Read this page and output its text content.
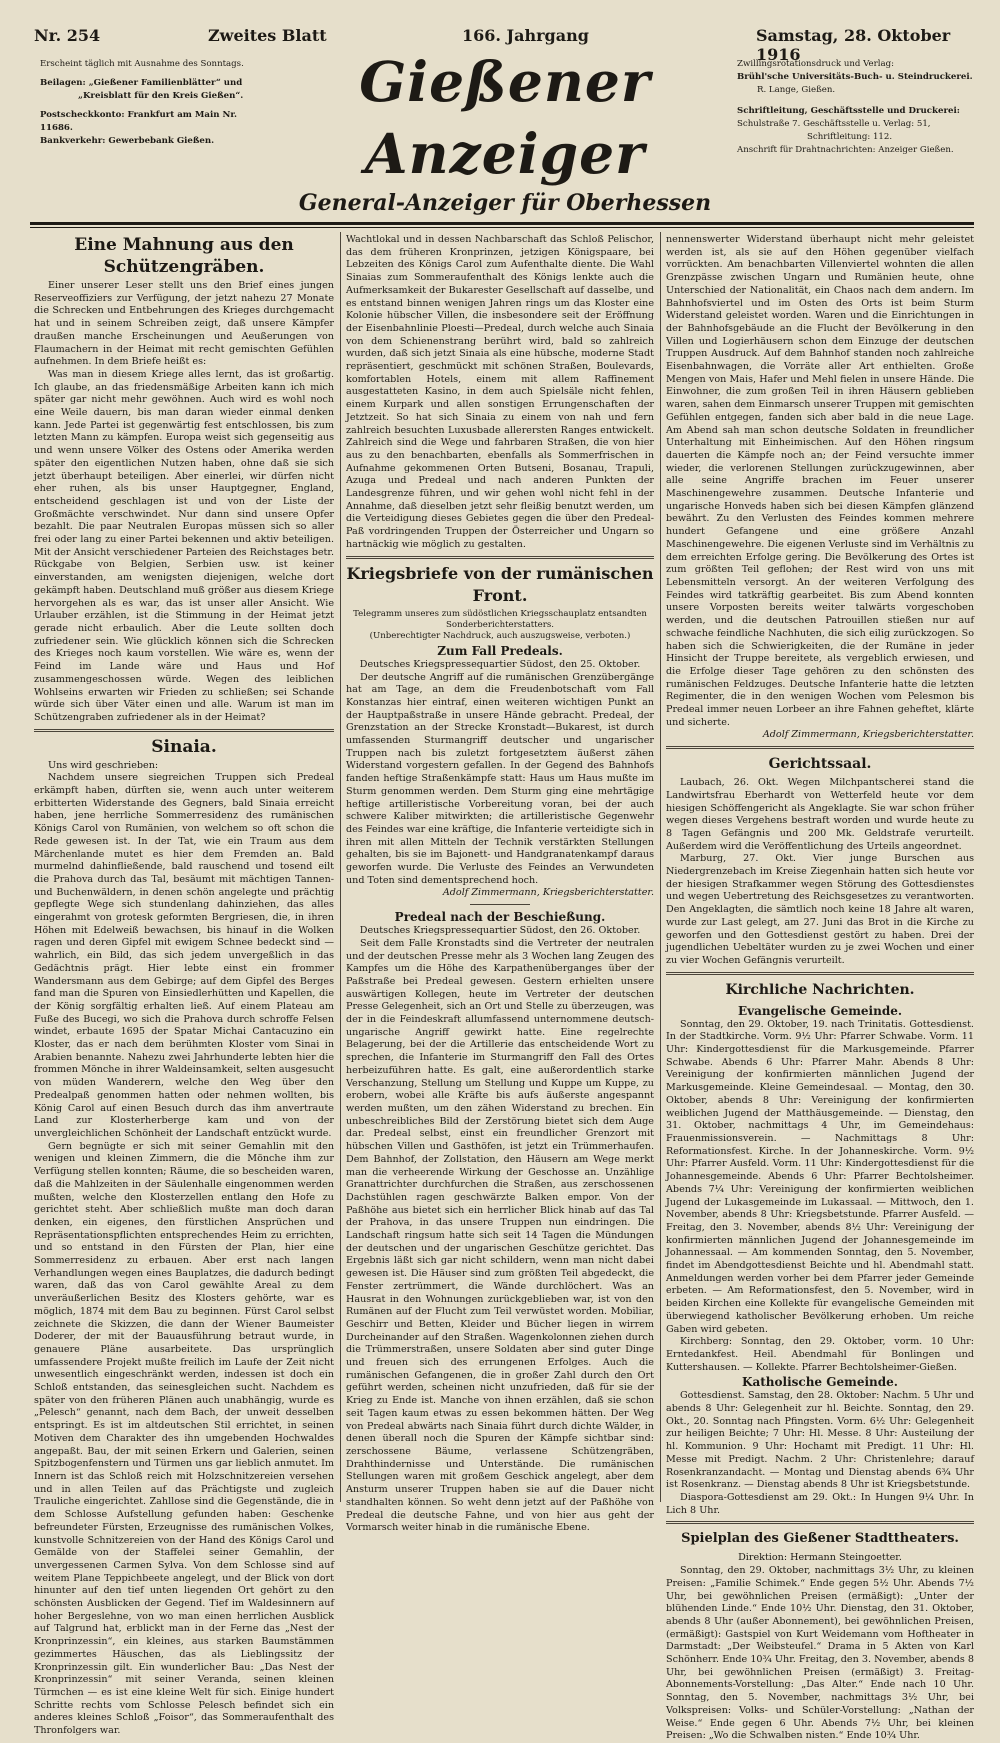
Nr. 254	Zweites Blatt	166. Jahrgang	Samstag, 28. Oktober 1916
Erscheint täglich mit Ausnahme des Sonntags.
Beilagen: „Gießener Familienblätter“ und
„Kreisblatt für den Kreis Gießen“.
Postscheckkonto: Frankfurt am Main Nr. 11686.
Bankverkehr: Gewerbebank Gießen.
Gießener Anzeiger
General-Anzeiger für Oberhessen
Zwillingsrotationsdruck und Verlag:
Brühl'sche Universitäts-Buch- u. Steindruckerei.
R. Lange, Gießen.
Schriftleitung, Geschäftsstelle und Druckerei:
Schulstraße 7. Geschäftsstelle u. Verlag: 51,
Schriftleitung: 112.
Anschrift für Drahtnachrichten: Anzeiger Gießen.
Eine Mahnung aus den Schützengräben.

Einer unserer Leser stellt uns den Brief eines jungen Reserveoffiziers zur Verfügung, der jetzt nahezu 27 Monate die Schrecken und Entbehrungen des Krieges durchgemacht hat und in seinem Schreiben zeigt, daß unsere Kämpfer draußen manche Erscheinungen und Aeußerungen von Flaumachern in der Heimat mit recht gemischten Gefühlen aufnehmen. In dem Briefe heißt es:

Was man in diesem Kriege alles lernt, das ist großartig. Ich glaube, an das friedensmäßige Arbeiten kann ich mich später gar nicht mehr gewöhnen. Auch wird es wohl noch eine Weile dauern, bis man daran wieder einmal denken kann. Jede Partei ist gegenwärtig fest entschlossen, bis zum letzten Mann zu kämpfen. Europa weist sich gegenseitig aus und wenn unsere Völker des Ostens oder Amerika werden später den eigentlichen Nutzen haben, ohne daß sie sich jetzt überhaupt beteiligen. Aber einerlei, wir dürfen nicht eher ruhen, als bis unser Hauptgegner, England, entscheidend geschlagen ist und von der Liste der Großmächte verschwindet. Nur dann sind unsere Opfer bezahlt. Die paar Neutralen Europas müssen sich so aller frei oder lang zu einer Partei bekennen und aktiv beteiligen. Mit der Ansicht verschiedener Parteien des Reichstages betr. Rückgabe von Belgien, Serbien usw. ist keiner einverstanden, am wenigsten diejenigen, welche dort gekämpft haben. Deutschland muß größer aus diesem Kriege hervorgehen als es war, das ist unser aller Ansicht. Wie Urlauber erzählen, ist die Stimmung in der Heimat jetzt gerade nicht erbaulich. Aber die Leute sollten doch zufriedener sein. Wie glücklich können sich die Schrecken des Krieges noch kaum vorstellen. Wie wäre es, wenn der Feind im Lande wäre und Haus und Hof zusammengeschossen würde. Wegen des leiblichen Wohlseins erwarten wir Frieden zu schließen; sei Schande würde sich über Väter einen und alle. Warum ist man im Schützengraben zufriedener als in der Heimat?

Sinaia.

Uns wird geschrieben:

Nachdem unsere siegreichen Truppen sich Predeal erkämpft haben, dürften sie, wenn auch unter weiterem erbitterten Widerstande des Gegners, bald Sinaia erreicht haben, jene herrliche Sommerresidenz des rumänischen Königs Carol von Rumänien, von welchem so oft schon die Rede gewesen ist. In der Tat, wie ein Traum aus dem Märchenlande mutet es hier dem Fremden an. Bald murmelnd dahinfließende, bald rauschend und tosend eilt die Prahova durch das Tal, besäumt mit mächtigen Tannen- und Buchenwäldern, in denen schön angelegte und prächtig gepflegte Wege sich stundenlang dahinziehen, das alles eingerahmt von grotesk geformten Bergriesen, die, in ihren Höhen mit Edelweiß bewachsen, bis hinauf in die Wolken ragen und deren Gipfel mit ewigem Schnee bedeckt sind — wahrlich, ein Bild, das sich jedem unvergeßlich in das Gedächtnis prägt. Hier lebte einst ein frommer Wandersmann aus dem Gebirge; auf dem Gipfel des Berges fand man die Spuren von Einsiedlerhütten und Kapellen, die der König sorgfältig erhalten ließ. Auf einem Plateau am Fuße des Bucegi, wo sich die Prahova durch schroffe Felsen windet, erbaute 1695 der Spatar Michai Cantacuzino ein Kloster, das er nach dem berühmten Kloster vom Sinai in Arabien benannte. Nahezu zwei Jahrhunderte lebten hier die frommen Mönche in ihrer Waldeinsamkeit, selten ausgesucht von müden Wanderern, welche den Weg über den Predealpaß genommen hatten oder nehmen wollten, bis König Carol auf einen Besuch durch das ihm anvertraute Land zur Klosterherberge kam und von der unvergleichlichen Schönheit der Landschaft entzückt wurde.

Gern begnügte er sich mit seiner Gemahlin mit den wenigen und kleinen Zimmern, die die Mönche ihm zur Verfügung stellen konnten; Räume, die so bescheiden waren, daß die Mahlzeiten in der Säulenhalle eingenommen werden mußten, welche den Klosterzellen entlang den Hofe zu gerichtet steht. Aber schließlich mußte man doch daran denken, ein eigenes, den fürstlichen Ansprüchen und Repräsentationspflichten entsprechendes Heim zu errichten, und so entstand in den Fürsten der Plan, hier eine Sommerresidenz zu erbauen. Aber erst nach langen Verhandlungen wegen eines Bauplatzes, die dadurch bedingt waren, daß das von Carol gewählte Areal zu dem unveräußerlichen Besitz des Klosters gehörte, war es möglich, 1874 mit dem Bau zu beginnen. Fürst Carol selbst zeichnete die Skizzen, die dann der Wiener Baumeister Doderer, der mit der Bauausführung betraut wurde, in genauere Pläne ausarbeitete. Das ursprünglich umfassendere Projekt mußte freilich im Laufe der Zeit nicht unwesentlich eingeschränkt werden, indessen ist doch ein Schloß entstanden, das seinesgleichen sucht. Nachdem es später von den früheren Plänen auch unabhängig, wurde es „Pelesch“ genannt, nach dem Bach, der unweit desselben entspringt. Es ist im altdeutschen Stil errichtet, in seinen Motiven dem Charakter des ihn umgebenden Hochwaldes angepaßt. Bau, der mit seinen Erkern und Galerien, seinen Spitzbogenfenstern und Türmen uns gar lieblich anmutet. Im Innern ist das Schloß reich mit Holzschnitzereien versehen und in allen Teilen auf das Prächtigste und zugleich Trauliche eingerichtet. Zahllose sind die Gegenstände, die in dem Schlosse Aufstellung gefunden haben: Geschenke befreundeter Fürsten, Erzeugnisse des rumänischen Volkes, kunstvolle Schnitzereien von der Hand des Königs Carol und Gemälde von der Staffelei seiner Gemahlin, der unvergessenen Carmen Sylva. Von dem Schlosse sind auf weitem Plane Teppichbeete angelegt, und der Blick von dort hinunter auf den tief unten liegenden Ort gehört zu den schönsten Ausblicken der Gegend. Tief im Waldesinnern auf hoher Bergeslehne, von wo man einen herrlichen Ausblick auf Talgrund hat, erblickt man in der Ferne das „Nest der Kronprinzessin“, ein kleines, aus starken Baumstämmen gezimmertes Häuschen, das als Lieblingssitz der Kronprinzessin gilt. Ein wunderlicher Bau: „Das Nest der Kronprinzessin“ mit seiner Veranda, seinen kleinen Türmchen — es ist eine kleine Welt für sich. Einige hundert Schritte rechts vom Schlosse Pelesch befindet sich ein anderes kleines Schloß „Foisor“, das Sommeraufenthalt des Thronfolgers war.

Wachtlokal und in dessen Nachbarschaft das Schloß Pelischor, das dem früheren Kronprinzen, jetzigen Königspaare, bei Lebzeiten des Königs Carol zum Aufenthalte diente. Die Wahl Sinaias zum Sommeraufenthalt des Königs lenkte auch die Aufmerksamkeit der Bukarester Gesellschaft auf dasselbe, und es entstand binnen wenigen Jahren rings um das Kloster eine Kolonie hübscher Villen, die insbesondere seit der Eröffnung der Eisenbahnlinie Ploesti—Predeal, durch welche auch Sinaia von dem Schienenstrang berührt wird, bald so zahlreich wurden, daß sich jetzt Sinaia als eine hübsche, moderne Stadt repräsentiert, geschmückt mit schönen Straßen, Boulevards, komfortablen Hotels, einem mit allem Raffinement ausgestatteten Kasino, in dem auch Spielsäle nicht fehlen, einem Kurpark und allen sonstigen Errungenschaften der Jetztzeit. So hat sich Sinaia zu einem von nah und fern zahlreich besuchten Luxusbade allerersten Ranges entwickelt. Zahlreich sind die Wege und fahrbaren Straßen, die von hier aus zu den benachbarten, ebenfalls als Sommerfrischen in Aufnahme gekommenen Orten Butseni, Bosanau, Trapuli, Azuga und Predeal und nach anderen Punkten der Landesgrenze führen, und wir gehen wohl nicht fehl in der Annahme, daß dieselben jetzt sehr fleißig benutzt werden, um die Verteidigung dieses Gebietes gegen die über den Predeal-Paß vordringenden Truppen der Österreicher und Ungarn so hartnäckig wie möglich zu gestalten.

Kriegsbriefe von der rumänischen Front.

Telegramm unseres zum südöstlichen Kriegsschauplatz entsandten Sonderberichterstatters.

(Unberechtigter Nachdruck, auch auszugsweise, verboten.)

Zum Fall Predeals.

Deutsches Kriegspressequartier Südost, den 25. Oktober.

Der deutsche Angriff auf die rumänischen Grenzübergänge hat am Tage, an dem die Freudenbotschaft vom Fall Konstanzas hier eintraf, einen weiteren wichtigen Punkt an der Hauptpaßstraße in unsere Hände gebracht. Predeal, der Grenzstation an der Strecke Kronstadt—Bukarest, ist durch umfassenden Sturmangriff deutscher und ungarischer Truppen nach bis zuletzt fortgesetztem äußerst zähen Widerstand vorgestern gefallen. In der Gegend des Bahnhofs fanden heftige Straßenkämpfe statt: Haus um Haus mußte im Sturm genommen werden. Dem Sturm ging eine mehrtägige heftige artilleristische Vorbereitung voran, bei der auch schwere Kaliber mitwirkten; die artilleristische Gegenwehr des Feindes war eine kräftige, die Infanterie verteidigte sich in ihren mit allen Mitteln der Technik verstärkten Stellungen gehalten, bis sie im Bajonett- und Handgranatenkampf daraus geworfen wurde. Die Verluste des Feindes an Verwundeten und Toten sind dementsprechend hoch.

Adolf Zimmermann, Kriegsberichterstatter.

Predeal nach der Beschießung.

Deutsches Kriegspressequartier Südost, den 26. Oktober.

Seit dem Falle Kronstadts sind die Vertreter der neutralen und der deutschen Presse mehr als 3 Wochen lang Zeugen des Kampfes um die Höhe des Karpathenüberganges über der Paßstraße bei Predeal gewesen. Gestern erhielten unsere auswärtigen Kollegen, heute im Vertreter der deutschen Presse Gelegenheit, sich an Ort und Stelle zu überzeugen, was der in die Feindeskraft allumfassend unternommene deutsch-ungarische Angriff gewirkt hatte. Eine regelrechte Belagerung, bei der die Artillerie das entscheidende Wort zu sprechen, die Infanterie im Sturmangriff den Fall des Ortes herbeizuführen hatte. Es galt, eine außerordentlich starke Verschanzung, Stellung um Stellung und Kuppe um Kuppe, zu erobern, wobei alle Kräfte bis aufs äußerste angespannt werden mußten, um den zähen Widerstand zu brechen. Ein unbeschreibliches Bild der Zerstörung bietet sich dem Auge dar. Predeal selbst, einst ein freundlicher Grenzort mit hübschen Villen und Gasthöfen, ist jetzt ein Trümmerhaufen. Dem Bahnhof, der Zollstation, den Häusern am Wege merkt man die verheerende Wirkung der Geschosse an. Unzählige Granattrichter durchfurchen die Straßen, aus zerschossenen Dachstühlen ragen geschwärzte Balken empor. Von der Paßhöhe aus bietet sich ein herrlicher Blick hinab auf das Tal der Prahova, in das unsere Truppen nun eindringen. Die Landschaft ringsum hatte sich seit 14 Tagen die Mündungen der deutschen und der ungarischen Geschütze gerichtet. Das Ergebnis läßt sich gar nicht schildern, wenn man nicht dabei gewesen ist. Die Häuser sind zum größten Teil abgedeckt, die Fenster zertrümmert, die Wände durchlöchert. Was an Hausrat in den Wohnungen zurückgeblieben war, ist von den Rumänen auf der Flucht zum Teil verwüstet worden. Mobiliar, Geschirr und Betten, Kleider und Bücher liegen in wirrem Durcheinander auf den Straßen. Wagenkolonnen ziehen durch die Trümmerstraßen, unsere Soldaten aber sind guter Dinge und freuen sich des errungenen Erfolges. Auch die rumänischen Gefangenen, die in großer Zahl durch den Ort geführt werden, scheinen nicht unzufrieden, daß für sie der Krieg zu Ende ist. Manche von ihnen erzählen, daß sie schon seit Tagen kaum etwas zu essen bekommen hätten. Der Weg von Predeal abwärts nach Sinaia führt durch dichte Wälder, in denen überall noch die Spuren der Kämpfe sichtbar sind: zerschossene Bäume, verlassene Schützengräben, Drahthindernisse und Unterstände. Die rumänischen Stellungen waren mit großem Geschick angelegt, aber dem Ansturm unserer Truppen haben sie auf die Dauer nicht standhalten können. So weht denn jetzt auf der Paßhöhe von Predeal die deutsche Fahne, und von hier aus geht der Vormarsch weiter hinab in die rumänische Ebene.

nennenswerter Widerstand überhaupt nicht mehr geleistet werden ist, als sie auf den Höhen gegenüber vielfach vorrückten. Am benachbarten Villenviertel wohnten die allen Grenzpässe zwischen Ungarn und Rumänien heute, ohne Unterschied der Nationalität, ein Chaos nach dem andern. Im Bahnhofsviertel und im Osten des Orts ist beim Sturm Widerstand geleistet worden. Waren und die Einrichtungen in der Bahnhofsgebäude an die Flucht der Bevölkerung in den Villen und Logierhäusern schon dem Einzuge der deutschen Truppen Ausdruck. Auf dem Bahnhof standen noch zahlreiche Eisenbahnwagen, die Vorräte aller Art enthielten. Große Mengen von Mais, Hafer und Mehl fielen in unsere Hände. Die Einwohner, die zum großen Teil in ihren Häusern geblieben waren, sahen dem Einmarsch unserer Truppen mit gemischten Gefühlen entgegen, fanden sich aber bald in die neue Lage. Am Abend sah man schon deutsche Soldaten in freundlicher Unterhaltung mit Einheimischen. Auf den Höhen ringsum dauerten die Kämpfe noch an; der Feind versuchte immer wieder, die verlorenen Stellungen zurückzugewinnen, aber alle seine Angriffe brachen im Feuer unserer Maschinengewehre zusammen. Deutsche Infanterie und ungarische Honveds haben sich bei diesen Kämpfen glänzend bewährt. Zu den Verlusten des Feindes kommen mehrere hundert Gefangene und eine größere Anzahl Maschinengewehre. Die eigenen Verluste sind im Verhältnis zu dem erreichten Erfolge gering. Die Bevölkerung des Ortes ist zum größten Teil geflohen; der Rest wird von uns mit Lebensmitteln versorgt. An der weiteren Verfolgung des Feindes wird tatkräftig gearbeitet. Bis zum Abend konnten unsere Vorposten bereits weiter talwärts vorgeschoben werden, und die deutschen Patrouillen stießen nur auf schwache feindliche Nachhuten, die sich eilig zurückzogen. So haben sich die Schwierigkeiten, die der Rumäne in jeder Hinsicht der Truppe bereitete, als vergeblich erwiesen, und die Erfolge dieser Tage gehören zu den schönsten des rumänischen Feldzuges. Deutsche Infanterie hatte die letzten Regimenter, die in den wenigen Wochen vom Pelesmon bis Predeal immer neuen Lorbeer an ihre Fahnen geheftet, klärte und sicherte.

Adolf Zimmermann, Kriegsberichterstatter.

Gerichtssaal.

Laubach, 26. Okt. Wegen Milchpantscherei stand die Landwirtsfrau Eberhardt von Wetterfeld heute vor dem hiesigen Schöffengericht als Angeklagte. Sie war schon früher wegen dieses Vergehens bestraft worden und wurde heute zu 8 Tagen Gefängnis und 200 Mk. Geldstrafe verurteilt. Außerdem wird die Veröffentlichung des Urteils angeordnet.

Marburg, 27. Okt. Vier junge Burschen aus Niedergrenzebach im Kreise Ziegenhain hatten sich heute vor der hiesigen Strafkammer wegen Störung des Gottesdienstes und wegen Uebertretung des Reichsgesetzes zu verantworten. Den Angeklagten, die sämtlich noch keine 18 Jahre alt waren, wurde zur Last gelegt, am 27. Juni das Brot in die Kirche zu geworfen und den Gottesdienst gestört zu haben. Drei der jugendlichen Uebeltäter wurden zu je zwei Wochen und einer zu vier Wochen Gefängnis verurteilt.

Kirchliche Nachrichten.
Evangelische Gemeinde.

Sonntag, den 29. Oktober, 19. nach Trinitatis. Gottesdienst. In der Stadtkirche. Vorm. 9½ Uhr: Pfarrer Schwabe. Vorm. 11 Uhr: Kindergottesdienst für die Markusgemeinde. Pfarrer Schwabe. Abends 6 Uhr: Pfarrer Mahr. Abends 8 Uhr: Vereinigung der konfirmierten männlichen Jugend der Markusgemeinde. Kleine Gemeindesaal. — Montag, den 30. Oktober, abends 8 Uhr: Vereinigung der konfirmierten weiblichen Jugend der Matthäusgemeinde. — Dienstag, den 31. Oktober, nachmittags 4 Uhr, im Gemeindehaus: Frauenmissionsverein. — Nachmittags 8 Uhr: Reformationsfest. Kirche. In der Johanneskirche. Vorm. 9½ Uhr: Pfarrer Ausfeld. Vorm. 11 Uhr: Kindergottesdienst für die Johannesgemeinde. Abends 6 Uhr: Pfarrer Bechtolsheimer. Abends 7¼ Uhr: Vereinigung der konfirmierten weiblichen Jugend der Lukasgemeinde im Lukassaal. — Mittwoch, den 1. November, abends 8 Uhr: Kriegsbetstunde. Pfarrer Ausfeld. — Freitag, den 3. November, abends 8½ Uhr: Vereinigung der konfirmierten männlichen Jugend der Johannesgemeinde im Johannessaal. — Am kommenden Sonntag, den 5. November, findet im Abendgottesdienst Beichte und hl. Abendmahl statt. Anmeldungen werden vorher bei dem Pfarrer jeder Gemeinde erbeten. — Am Reformationsfest, den 5. November, wird in beiden Kirchen eine Kollekte für evangelische Gemeinden mit überwiegend katholischer Bevölkerung erhoben. Um reiche Gaben wird gebeten.

Kirchberg: Sonntag, den 29. Oktober, vorm. 10 Uhr: Erntedankfest. Heil. Abendmahl für Bonlingen und Kuttershausen. — Kollekte. Pfarrer Bechtolsheimer-Gießen.

Katholische Gemeinde.

Gottesdienst. Samstag, den 28. Oktober: Nachm. 5 Uhr und abends 8 Uhr: Gelegenheit zur hl. Beichte. Sonntag, den 29. Okt., 20. Sonntag nach Pfingsten. Vorm. 6½ Uhr: Gelegenheit zur heiligen Beichte; 7 Uhr: Hl. Messe. 8 Uhr: Austeilung der hl. Kommunion. 9 Uhr: Hochamt mit Predigt. 11 Uhr: Hl. Messe mit Predigt. Nachm. 2 Uhr: Christenlehre; darauf Rosenkranzandacht. — Montag und Dienstag abends 6¾ Uhr ist Rosenkranz. — Dienstag abends 8 Uhr ist Kriegsbetstunde.

Diaspora-Gottesdienst am 29. Okt.: In Hungen 9¼ Uhr. In Lich 8 Uhr.

Spielplan des Gießener Stadttheaters.

Direktion: Hermann Steingoetter.

Sonntag, den 29. Oktober, nachmittags 3½ Uhr, zu kleinen Preisen: „Familie Schimek.“ Ende gegen 5½ Uhr. Abends 7½ Uhr, bei gewöhnlichen Preisen (ermäßigt): „Unter der blühenden Linde.“ Ende 10½ Uhr. Dienstag, den 31. Oktober, abends 8 Uhr (außer Abonnement), bei gewöhnlichen Preisen, (ermäßigt): Gastspiel von Kurt Weidemann vom Hoftheater in Darmstadt: „Der Weibsteufel.“ Drama in 5 Akten von Karl Schönherr. Ende 10¾ Uhr. Freitag, den 3. November, abends 8 Uhr, bei gewöhnlichen Preisen (ermäßigt) 3. Freitag-Abonnements-Vorstellung: „Das Alter.“ Ende nach 10 Uhr. Sonntag, den 5. November, nachmittags 3½ Uhr, bei Volkspreisen: Volks- und Schüler-Vorstellung: „Nathan der Weise.“ Ende gegen 6 Uhr. Abends 7½ Uhr, bei kleinen Preisen: „Wo die Schwalben nisten.“ Ende 10¾ Uhr.
